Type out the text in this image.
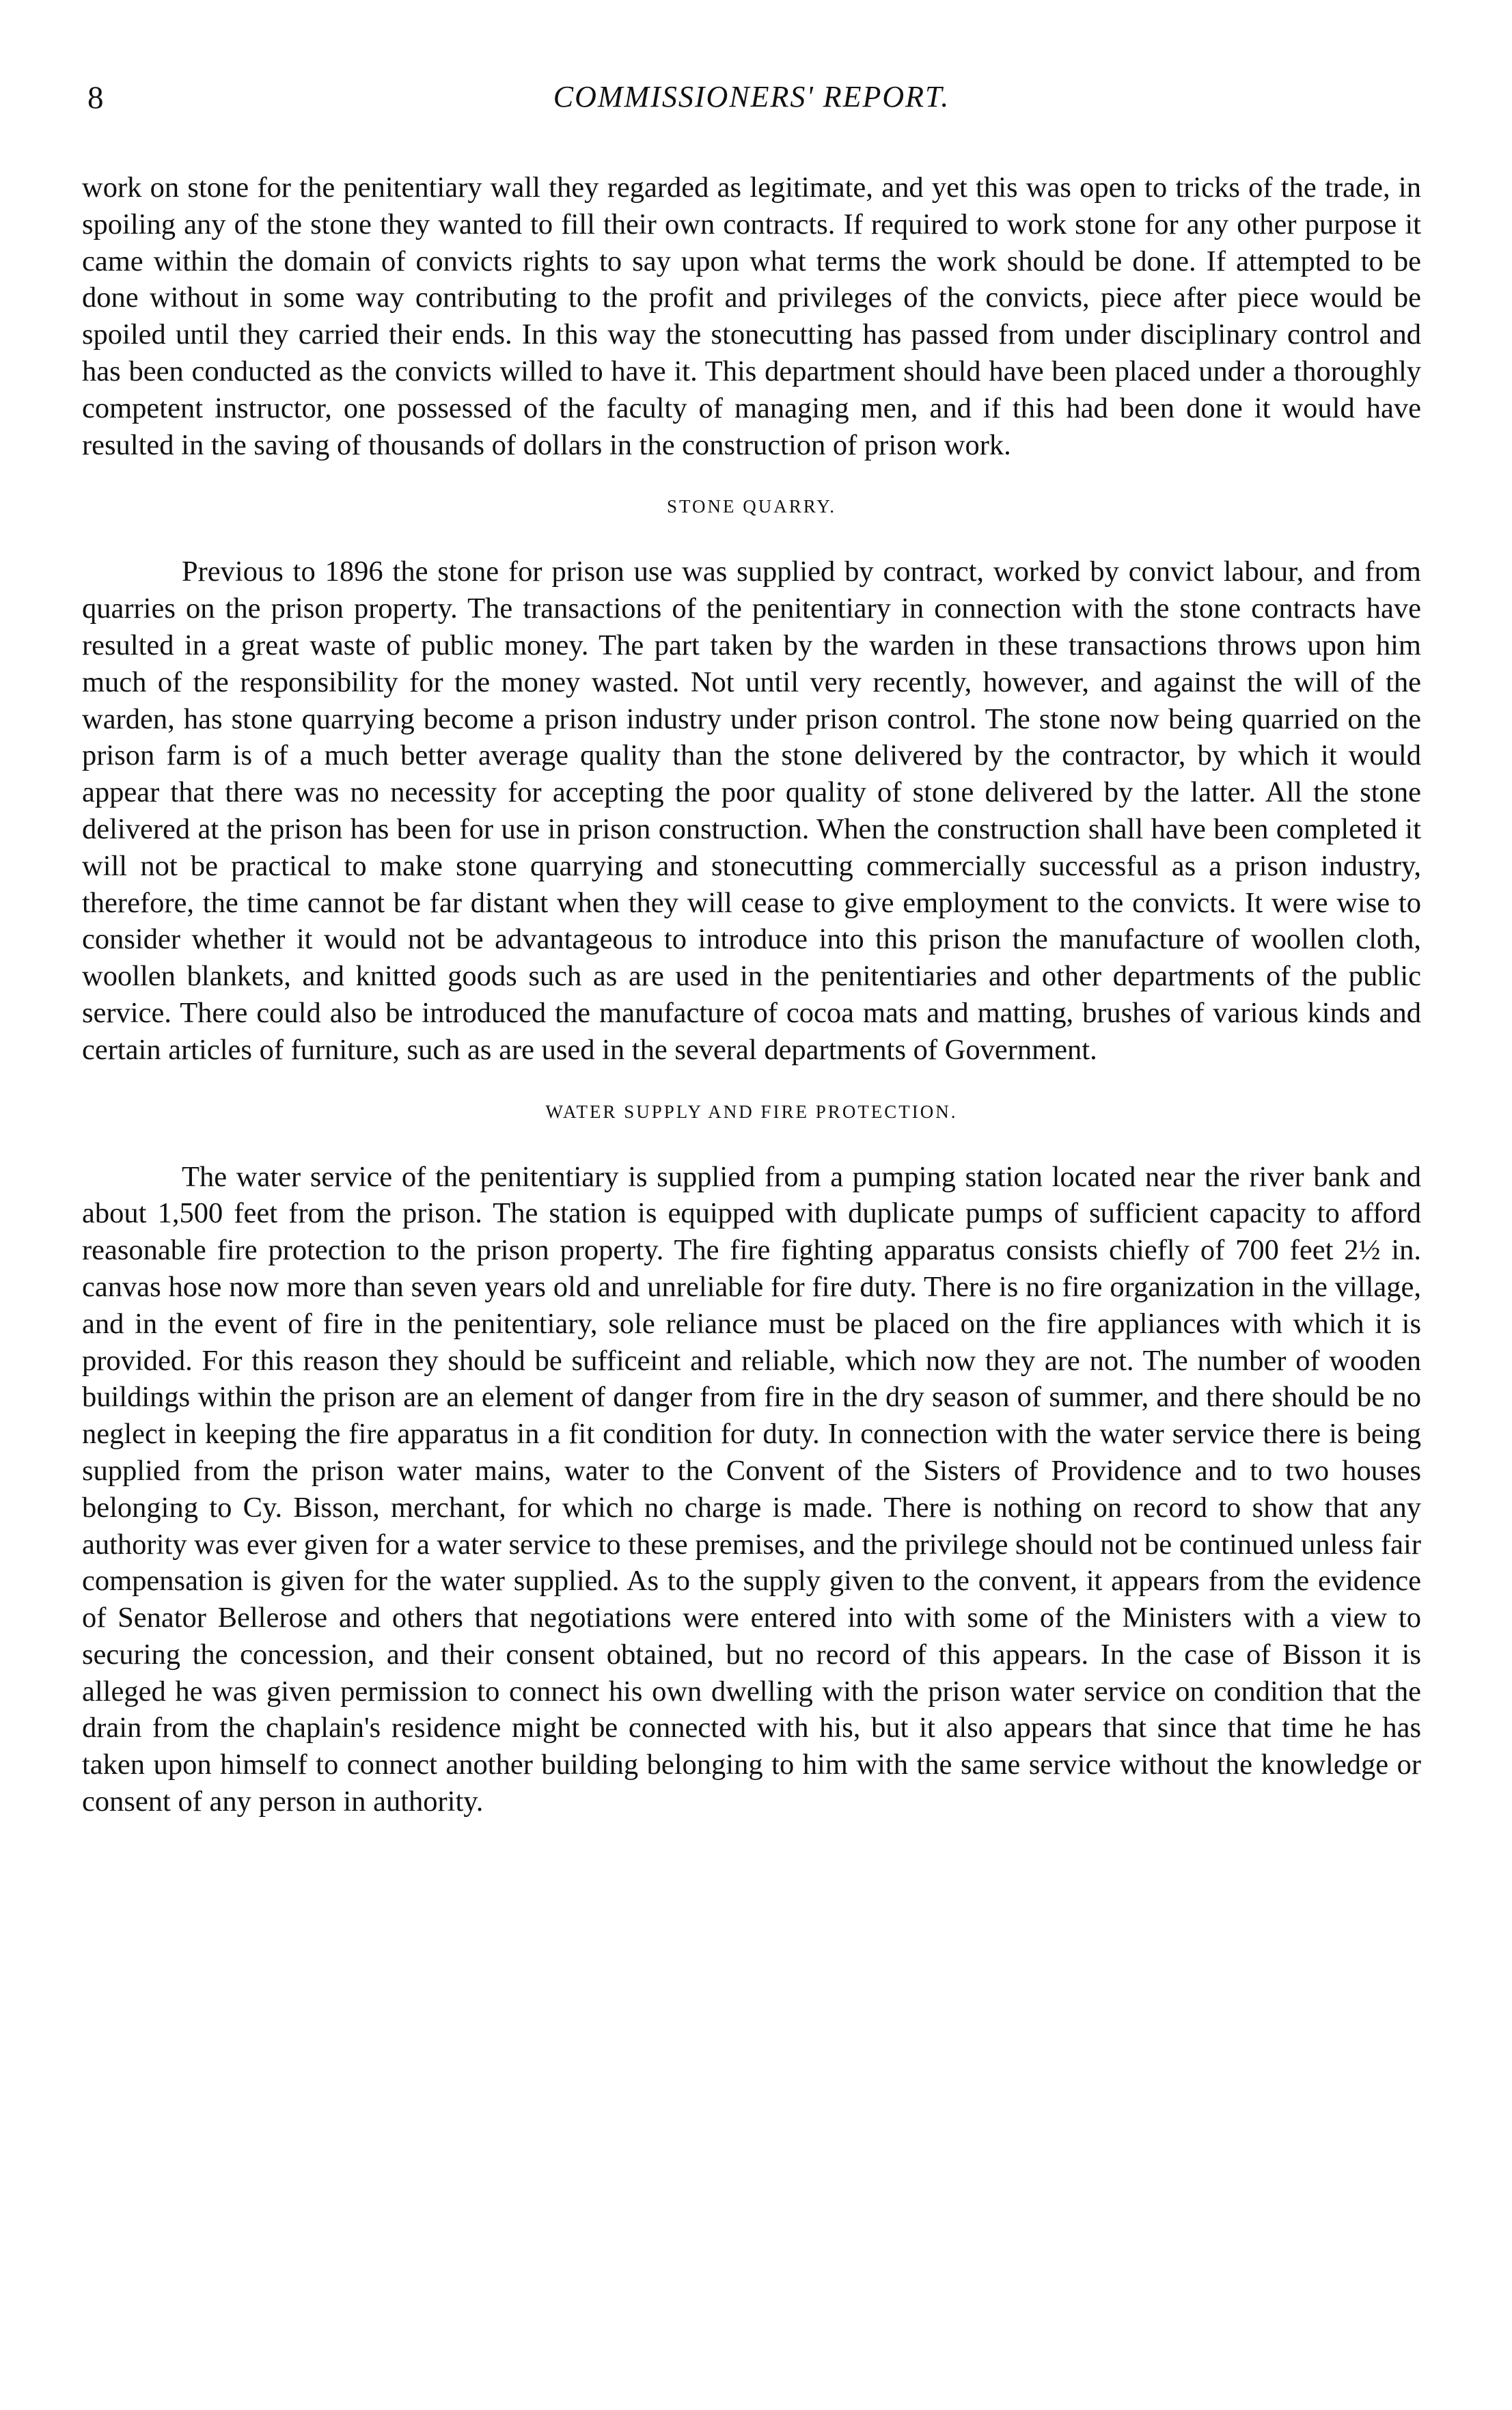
8	COMMISSIONERS' REPORT.

work on stone for the penitentiary wall they regarded as legitimate, and yet this was open to tricks of the trade, in spoiling any of the stone they wanted to fill their own contracts. If required to work stone for any other purpose it came within the domain of convicts rights to say upon what terms the work should be done. If attempted to be done without in some way contributing to the profit and privileges of the convicts, piece after piece would be spoiled until they carried their ends. In this way the stonecutting has passed from under disciplinary control and has been conducted as the convicts willed to have it. This department should have been placed under a thoroughly competent instructor, one possessed of the faculty of managing men, and if this had been done it would have resulted in the saving of thousands of dollars in the construction of prison work.

STONE QUARRY.

Previous to 1896 the stone for prison use was supplied by contract, worked by convict labour, and from quarries on the prison property. The transactions of the penitentiary in connection with the stone contracts have resulted in a great waste of public money. The part taken by the warden in these transactions throws upon him much of the responsibility for the money wasted. Not until very recently, however, and against the will of the warden, has stone quarrying become a prison industry under prison control. The stone now being quarried on the prison farm is of a much better average quality than the stone delivered by the contractor, by which it would appear that there was no necessity for accepting the poor quality of stone delivered by the latter. All the stone delivered at the prison has been for use in prison construction. When the construction shall have been completed it will not be practical to make stone quarrying and stonecutting commercially successful as a prison industry, therefore, the time cannot be far distant when they will cease to give employment to the convicts. It were wise to consider whether it would not be advantageous to introduce into this prison the manufacture of woollen cloth, woollen blankets, and knitted goods such as are used in the penitentiaries and other departments of the public service. There could also be introduced the manufacture of cocoa mats and matting, brushes of various kinds and certain articles of furniture, such as are used in the several departments of Government.

WATER SUPPLY AND FIRE PROTECTION.

The water service of the penitentiary is supplied from a pumping station located near the river bank and about 1,500 feet from the prison. The station is equipped with duplicate pumps of sufficient capacity to afford reasonable fire protection to the prison property. The fire fighting apparatus consists chiefly of 700 feet 2½ in. canvas hose now more than seven years old and unreliable for fire duty. There is no fire organization in the village, and in the event of fire in the penitentiary, sole reliance must be placed on the fire appliances with which it is provided. For this reason they should be sufficeint and reliable, which now they are not. The number of wooden buildings within the prison are an element of danger from fire in the dry season of summer, and there should be no neglect in keeping the fire apparatus in a fit condition for duty. In connection with the water service there is being supplied from the prison water mains, water to the Convent of the Sisters of Providence and to two houses belonging to Cy. Bisson, merchant, for which no charge is made. There is nothing on record to show that any authority was ever given for a water service to these premises, and the privilege should not be continued unless fair compensation is given for the water supplied. As to the supply given to the convent, it appears from the evidence of Senator Bellerose and others that negotiations were entered into with some of the Ministers with a view to securing the concession, and their consent obtained, but no record of this appears. In the case of Bisson it is alleged he was given permission to connect his own dwelling with the prison water service on condition that the drain from the chaplain's residence might be connected with his, but it also appears that since that time he has taken upon himself to connect another building belonging to him with the same service without the knowledge or consent of any person in authority.
